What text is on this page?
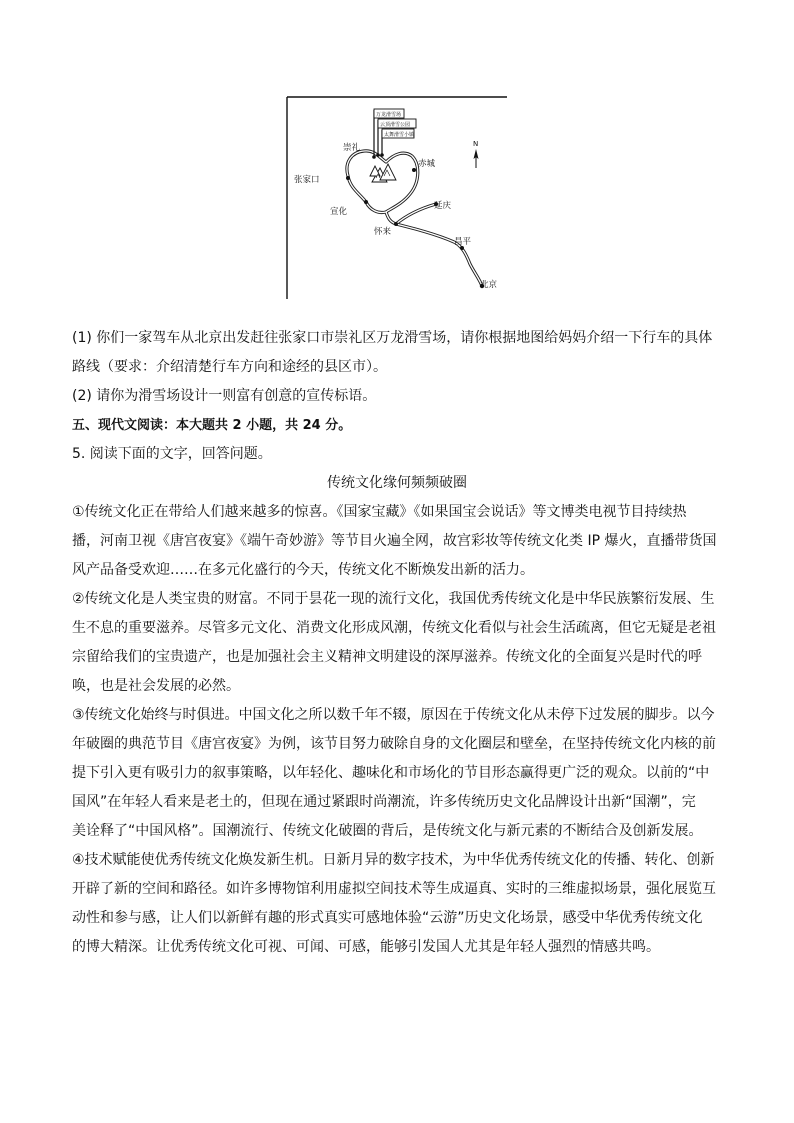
万龙滑雪场
云顶滑雪公园
太舞滑雪小镇
N
崇礼
赤城
张家口
宣化
延庆
怀来
昌平
北京
(1) 你们一家驾车从北京出发赶往张家口市崇礼区万龙滑雪场，请你根据地图给妈妈介绍一下行车的具体
路线（要求：介绍清楚行车方向和途经的县区市）。
(2) 请你为滑雪场设计一则富有创意的宣传标语。
五、现代文阅读：本大题共 2 小题，共 24 分。
5. 阅读下面的文字，回答问题。
传统文化缘何频频破圈
①传统文化正在带给人们越来越多的惊喜。《国家宝藏》《如果国宝会说话》等文博类电视节目持续热
播，河南卫视《唐宫夜宴》《端午奇妙游》等节目火遍全网，故宫彩妆等传统文化类 IP 爆火，直播带货国
风产品备受欢迎……在多元化盛行的今天，传统文化不断焕发出新的活力。
②传统文化是人类宝贵的财富。不同于昙花一现的流行文化，我国优秀传统文化是中华民族繁衍发展、生
生不息的重要滋养。尽管多元文化、消费文化形成风潮，传统文化看似与社会生活疏离，但它无疑是老祖
宗留给我们的宝贵遗产，也是加强社会主义精神文明建设的深厚滋养。传统文化的全面复兴是时代的呼
唤，也是社会发展的必然。
③传统文化始终与时俱进。中国文化之所以数千年不辍，原因在于传统文化从未停下过发展的脚步。以今
年破圈的典范节目《唐宫夜宴》为例，该节目努力破除自身的文化圈层和壁垒，在坚持传统文化内核的前
提下引入更有吸引力的叙事策略，以年轻化、趣味化和市场化的节目形态赢得更广泛的观众。以前的“中
国风”在年轻人看来是老土的，但现在通过紧跟时尚潮流，许多传统历史文化品牌设计出新“国潮”，完
美诠释了“中国风格”。国潮流行、传统文化破圈的背后，是传统文化与新元素的不断结合及创新发展。
④技术赋能使优秀传统文化焕发新生机。日新月异的数字技术，为中华优秀传统文化的传播、转化、创新
开辟了新的空间和路径。如许多博物馆利用虚拟空间技术等生成逼真、实时的三维虚拟场景，强化展览互
动性和参与感，让人们以新鲜有趣的形式真实可感地体验“云游”历史文化场景，感受中华优秀传统文化
的博大精深。让优秀传统文化可视、可闻、可感，能够引发国人尤其是年轻人强烈的情感共鸣。
